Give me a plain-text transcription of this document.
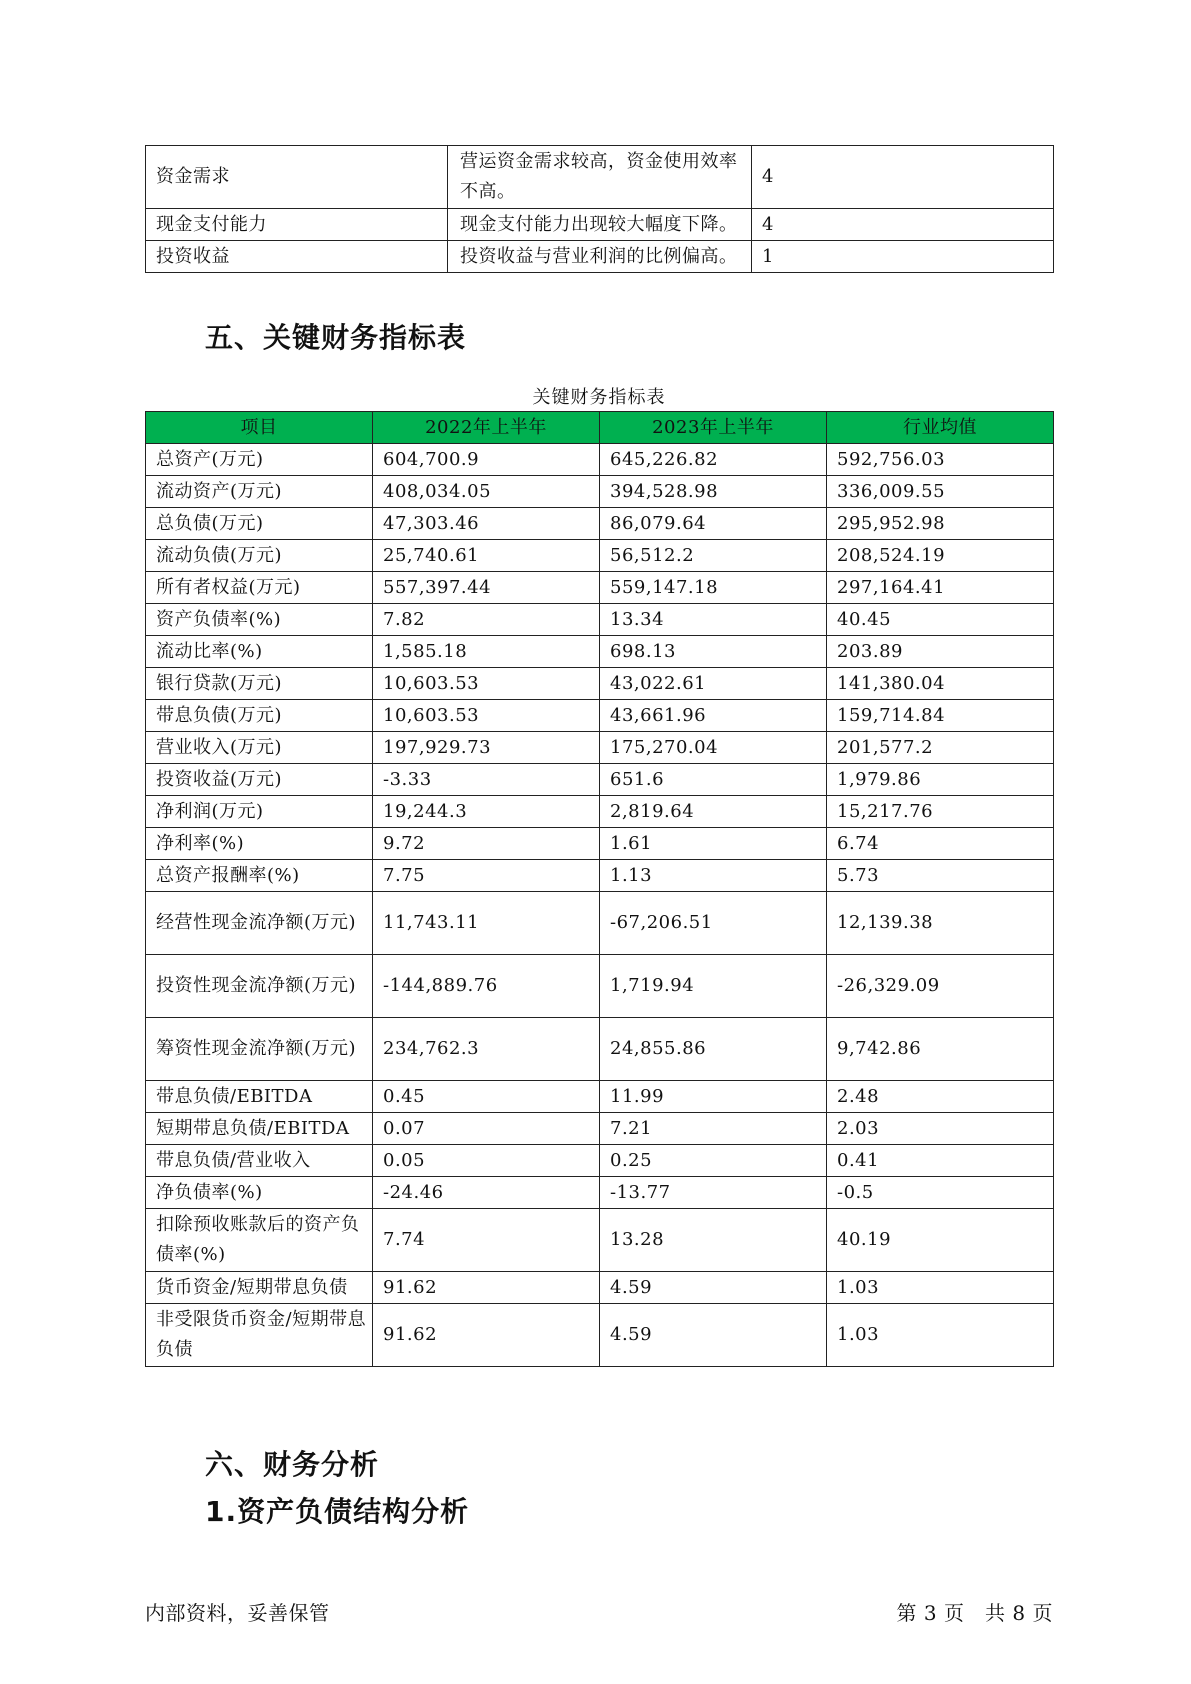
资金需求	营运资金需求较高，资金使用效率不高。	4
现金支付能力	现金支付能力出现较大幅度下降。	4
投资收益	投资收益与营业利润的比例偏高。	1
五、关键财务指标表
关键财务指标表
项目	2022年上半年	2023年上半年	行业均值
总资产(万元)	604,700.9	645,226.82	592,756.03
流动资产(万元)	408,034.05	394,528.98	336,009.55
总负债(万元)	47,303.46	86,079.64	295,952.98
流动负债(万元)	25,740.61	56,512.2	208,524.19
所有者权益(万元)	557,397.44	559,147.18	297,164.41
资产负债率(%)	7.82	13.34	40.45
流动比率(%)	1,585.18	698.13	203.89
银行贷款(万元)	10,603.53	43,022.61	141,380.04
带息负债(万元)	10,603.53	43,661.96	159,714.84
营业收入(万元)	197,929.73	175,270.04	201,577.2
投资收益(万元)	-3.33	651.6	1,979.86
净利润(万元)	19,244.3	2,819.64	15,217.76
净利率(%)	9.72	1.61	6.74
总资产报酬率(%)	7.75	1.13	5.73
经营性现金流净额(万元)	11,743.11	-67,206.51	12,139.38
投资性现金流净额(万元)	-144,889.76	1,719.94	-26,329.09
筹资性现金流净额(万元)	234,762.3	24,855.86	9,742.86
带息负债/EBITDA	0.45	11.99	2.48
短期带息负债/EBITDA	0.07	7.21	2.03
带息负债/营业收入	0.05	0.25	0.41
净负债率(%)	-24.46	-13.77	-0.5
扣除预收账款后的资产负债率(%)	7.74	13.28	40.19
货币资金/短期带息负债	91.62	4.59	1.03
非受限货币资金/短期带息负债	91.62	4.59	1.03
六、财务分析
1.资产负债结构分析
内部资料，妥善保管	第 3 页   共 8 页
